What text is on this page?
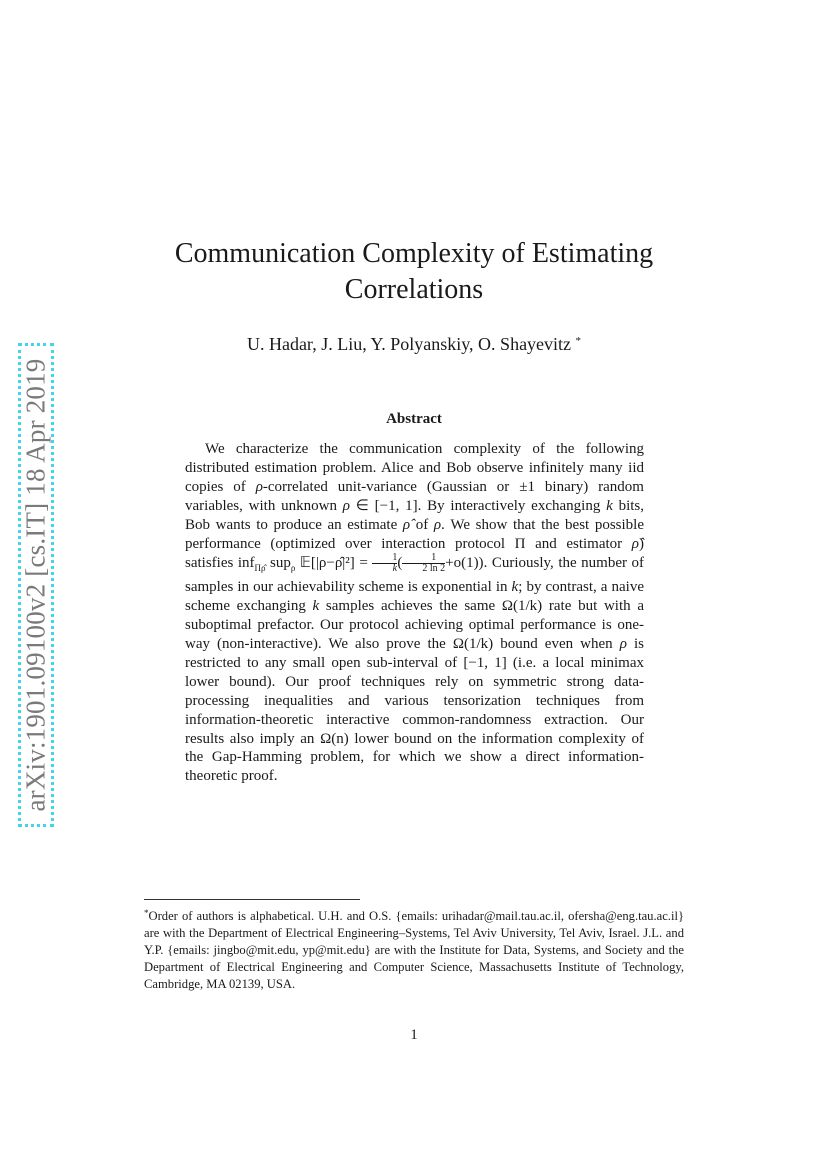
arXiv:1901.09100v2 [cs.IT] 18 Apr 2019
Communication Complexity of Estimating
Correlations
U. Hadar, J. Liu, Y. Polyanskiy, O. Shayevitz *
Abstract

We characterize the communication complexity of the following distributed estimation problem. Alice and Bob observe infinitely many iid copies of ρ-correlated unit-variance (Gaussian or ±1 binary) random variables, with unknown ρ ∈ [−1, 1]. By interactively exchanging k bits, Bob wants to produce an estimate ρ̂ of ρ. We show that the best possible performance (optimized over interaction protocol Π and estimator ρ̂) satisfies inf$_{\Pi\rhô}$ sup$_\rho$ 𝔼[|ρ−ρ̂|²] = $\frac{1}{k}$ ( $\frac{1}{2 \ln 2} +o(1)$). Curiously, the number of samples in our achievability scheme is exponential in k; by contrast, a naive scheme exchanging k samples achieves the same Ω(1/k) rate but with a suboptimal prefactor. Our protocol achieving optimal performance is one-way (non-interactive). We also prove the Ω(1/k) bound even when ρ is restricted to any small open sub-interval of [−1, 1] (i.e. a local minimax lower bound). Our proof techniques rely on symmetric strong data-processing inequalities and various tensorization techniques from information-theoretic interactive common-randomness extraction. Our results also imply an Ω(n) lower bound on the information complexity of the Gap-Hamming problem, for which we show a direct information-theoretic proof.

*Order of authors is alphabetical. U.H. and O.S. {emails: urihadar@mail.tau.ac.il, ofersha@eng.tau.ac.il} are with the Department of Electrical Engineering–Systems, Tel Aviv University, Tel Aviv, Israel. J.L. and Y.P. {emails: jingbo@mit.edu, yp@mit.edu} are with the Institute for Data, Systems, and Society and the Department of Electrical Engineering and Computer Science, Massachusetts Institute of Technology, Cambridge, MA 02139, USA.

1
